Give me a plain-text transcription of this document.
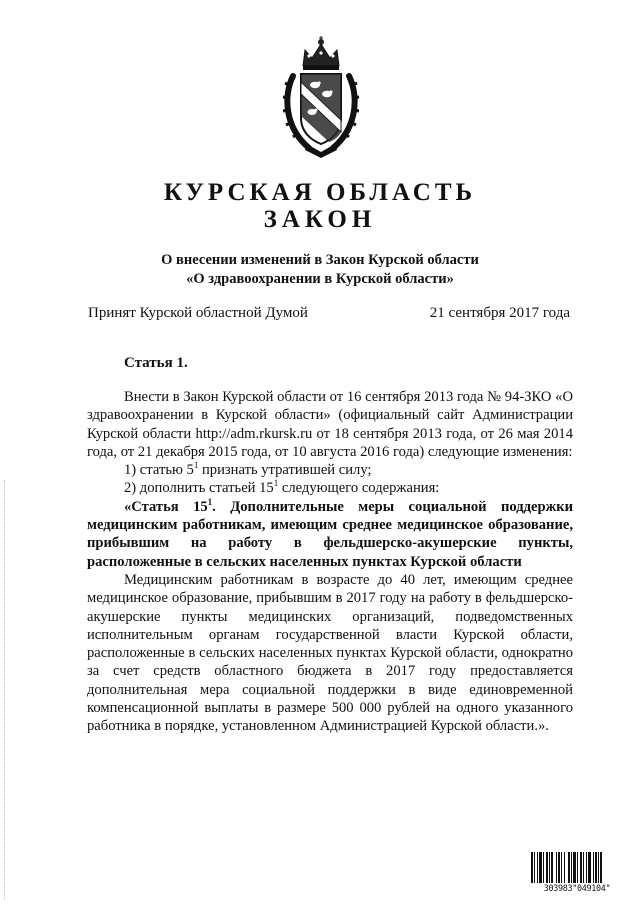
КУРСКАЯ ОБЛАСТЬ
ЗАКОН
О внесении изменений в Закон Курской области
«О здравоохранении в Курской области»
Принят Курской областной Думой	21 сентября 2017 года
Статья 1.

Внести в Закон Курской области от 16 сентября 2013 года № 94-ЗКО «О здравоохранении в Курской области» (официальный сайт Администрации Курской области http://adm.rkursk.ru от 18 сентября 2013 года, от 26 мая 2014 года, от 21 декабря 2015 года, от 10 августа 2016 года) следующие изменения:

1) статью $5^1$ признать утратившей силу;

2) дополнить статьей $15^1$ следующего содержания:

«Статья $15^1$. Дополнительные меры социальной поддержки медицинским работникам, имеющим среднее медицинское образование, прибывшим на работу в фельдшерско-акушерские пункты, расположенные в сельских населенных пунктах Курской области

Медицинским работникам в возрасте до 40 лет, имеющим среднее медицинское образование, прибывшим в 2017 году на работу в фельдшерско-акушерские пункты медицинских организаций, подведомственных исполнительным органам государственной власти Курской области, расположенные в сельских населенных пунктах Курской области, однократно за счет средств областного бюджета в 2017 году предоставляется дополнительная мера социальной поддержки в виде единовременной компенсационной выплаты в размере 500 000 рублей на одного указанного работника в порядке, установленном Администрацией Курской области.».

303983"049104"
